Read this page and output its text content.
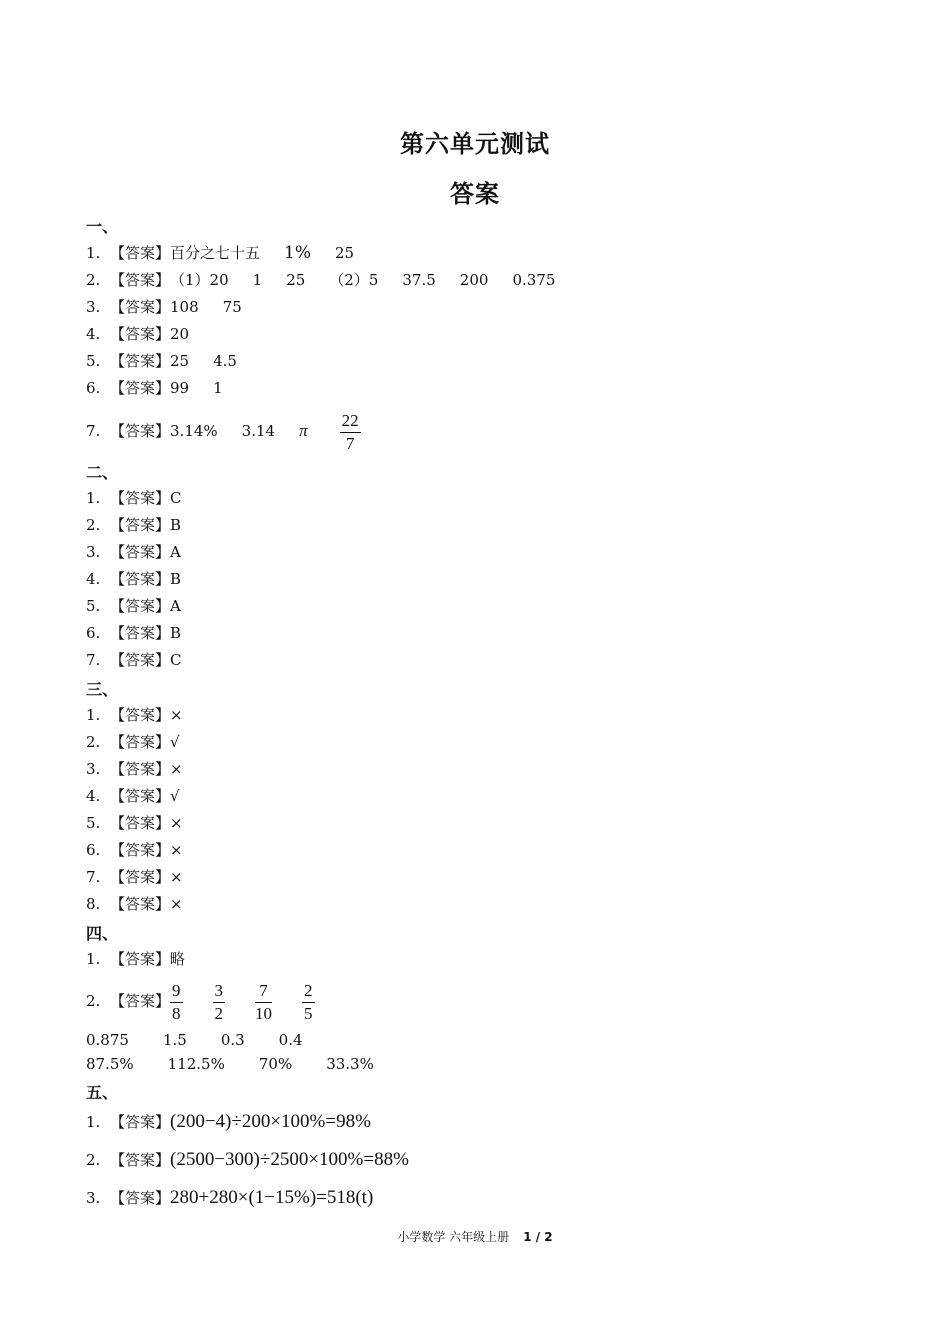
第六单元测试
答案
一、
1. 【答案】百分之七十五 1% 25
2. 【答案】（1）20 1 25 （2）5 37.5 200 0.375
3. 【答案】108 75
4. 【答案】20
5. 【答案】25 4.5
6. 【答案】99 1
7. 【答案】3.14% 3.14 π $\frac{22}{7}$
二、
1. 【答案】C
2. 【答案】B
3. 【答案】A
4. 【答案】B
5. 【答案】A
6. 【答案】B
7. 【答案】C
三、
1. 【答案】×
2. 【答案】√
3. 【答案】×
4. 【答案】√
5. 【答案】×
6. 【答案】×
7. 【答案】×
8. 【答案】×
四、
1. 【答案】略
2. 【答案】 $\frac{9}{8} \frac{3}{2} \frac{7}{10} \frac{2}{5}$
0.875 1.5 0.3 0.4
87.5% 112.5% 70% 33.3%
五、
1. 【答案】(200−4)÷200×100%=98%
2. 【答案】(2500−300)÷2500×100%=88%
3. 【答案】280+280×(1−15%)=518(t)
小学数学 六年级上册 1 / 2
